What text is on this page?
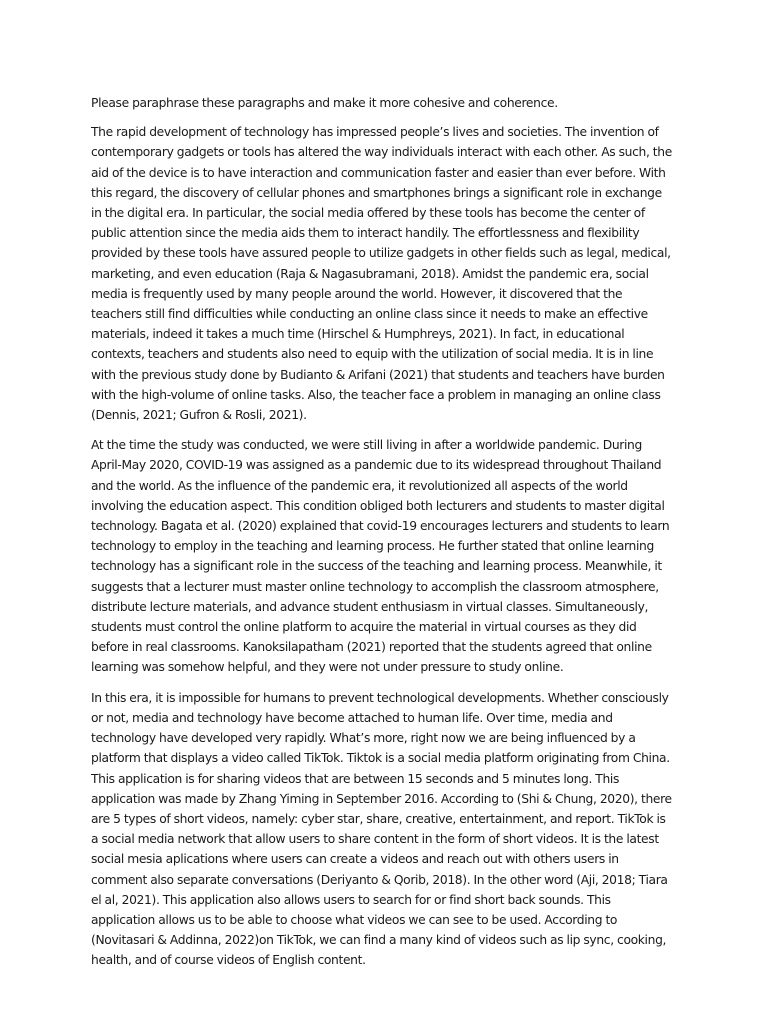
Please paraphrase these paragraphs and make it more cohesive and coherence.

The rapid development of technology has impressed people’s lives and societies. The invention of contemporary gadgets or tools has altered the way individuals interact with each other. As such, the aid of the device is to have interaction and communication faster and easier than ever before. With this regard, the discovery of cellular phones and smartphones brings a significant role in exchange in the digital era. In particular, the social media offered by these tools has become the center of public attention since the media aids them to interact handily. The effortlessness and flexibility provided by these tools have assured people to utilize gadgets in other fields such as legal, medical, marketing, and even education (Raja & Nagasubramani, 2018). Amidst the pandemic era, social media is frequently used by many people around the world. However, it discovered that the teachers still find difficulties while conducting an online class since it needs to make an effective materials, indeed it takes a much time (Hirschel & Humphreys, 2021). In fact, in educational contexts, teachers and students also need to equip with the utilization of social media. It is in line with the previous study done by Budianto & Arifani (2021) that students and teachers have burden with the high-volume of online tasks. Also, the teacher face a problem in managing an online class (Dennis, 2021; Gufron & Rosli, 2021).

At the time the study was conducted, we were still living in after a worldwide pandemic. During April-May 2020, COVID-19 was assigned as a pandemic due to its widespread throughout Thailand and the world. As the influence of the pandemic era, it revolutionized all aspects of the world involving the education aspect. This condition obliged both lecturers and students to master digital technology. Bagata et al. (2020) explained that covid-19 encourages lecturers and students to learn technology to employ in the teaching and learning process. He further stated that online learning technology has a significant role in the success of the teaching and learning process. Meanwhile, it suggests that a lecturer must master online technology to accomplish the classroom atmosphere, distribute lecture materials, and advance student enthusiasm in virtual classes. Simultaneously, students must control the online platform to acquire the material in virtual courses as they did before in real classrooms. Kanoksilapatham (2021) reported that the students agreed that online learning was somehow helpful, and they were not under pressure to study online.

In this era, it is impossible for humans to prevent technological developments. Whether consciously or not, media and technology have become attached to human life. Over time, media and technology have developed very rapidly. What’s more, right now we are being influenced by a platform that displays a video called TikTok. Tiktok is a social media platform originating from China. This application is for sharing videos that are between 15 seconds and 5 minutes long. This application was made by Zhang Yiming in September 2016. According to (Shi & Chung, 2020), there are 5 types of short videos, namely: cyber star, share, creative, entertainment, and report. TikTok is a social media network that allow users to share content in the form of short videos. It is the latest social mesia aplications where users can create a videos and reach out with others users in comment also separate conversations (Deriyanto & Qorib, 2018). In the other word (Aji, 2018; Tiara el al, 2021). This application also allows users to search for or find short back sounds. This application allows us to be able to choose what videos we can see to be used. According to (Novitasari & Addinna, 2022)on TikTok, we can find a many kind of videos such as lip sync, cooking, health, and of course videos of English content.
